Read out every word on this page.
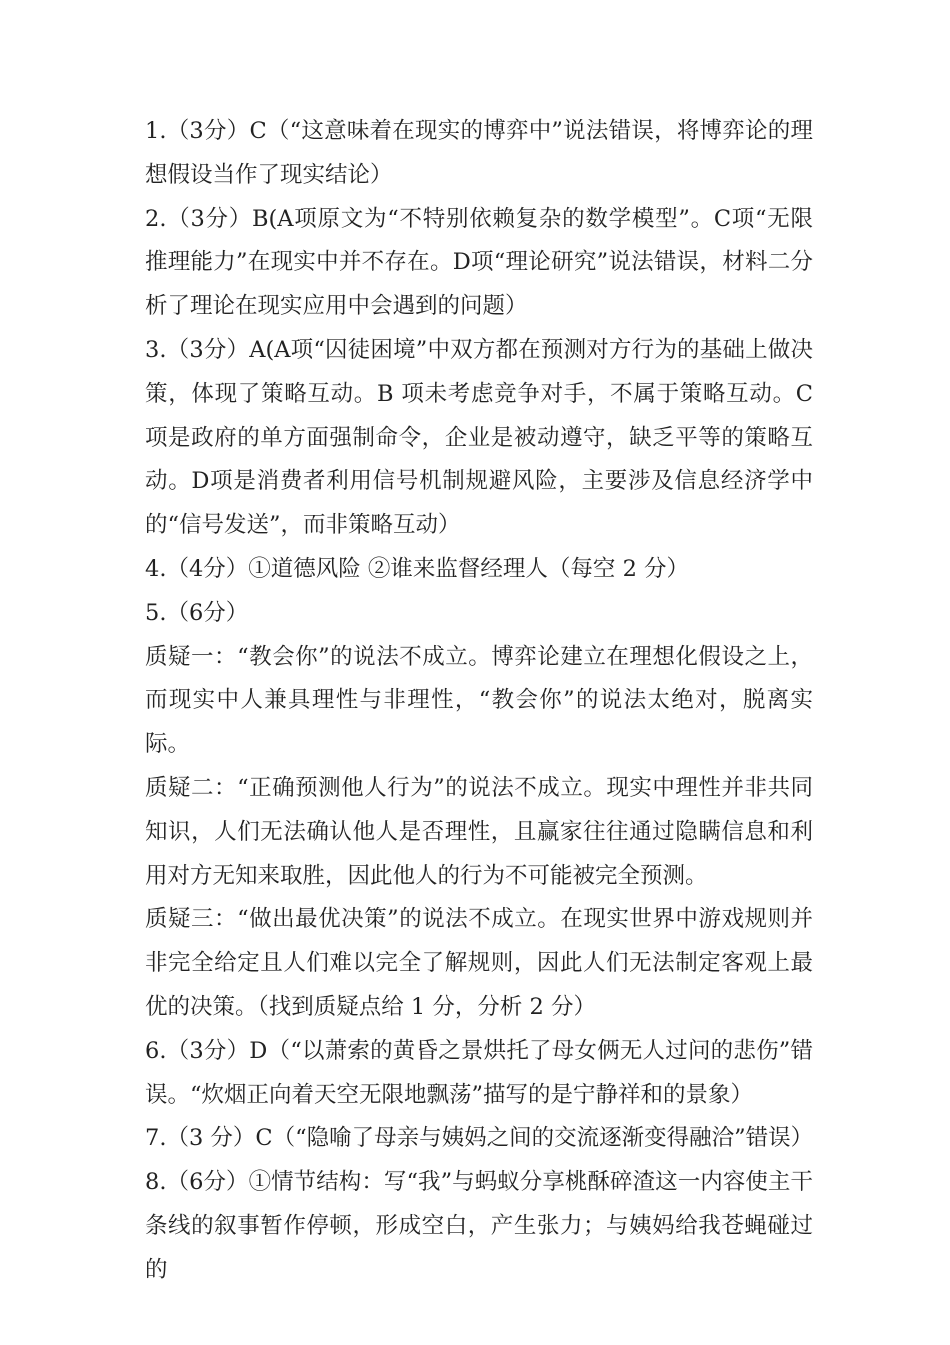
1.（3分）C（“这意味着在现实的博弈中”说法错误，将博弈论的理想假设当作了现实结论）

2.（3分）B(A项原文为“不特别依赖复杂的数学模型”。C项“无限推理能力”在现实中并不存在。D项“理论研究”说法错误，材料二分析了理论在现实应用中会遇到的问题）

3.（3分）A(A项“囚徒困境”中双方都在预测对方行为的基础上做决策，体现了策略互动。B 项未考虑竞争对手，不属于策略互动。C项是政府的单方面强制命令，企业是被动遵守，缺乏平等的策略互动。D项是消费者利用信号机制规避风险，主要涉及信息经济学中的“信号发送”，而非策略互动）

4.（4分）①道德风险 ②谁来监督经理人（每空 2 分）

5.（6分）

质疑一：“教会你”的说法不成立。博弈论建立在理想化假设之上，而现实中人兼具理性与非理性，“教会你”的说法太绝对，脱离实际。

质疑二：“正确预测他人行为”的说法不成立。现实中理性并非共同知识，人们无法确认他人是否理性，且赢家往往通过隐瞒信息和利用对方无知来取胜，因此他人的行为不可能被完全预测。

质疑三：“做出最优决策”的说法不成立。在现实世界中游戏规则并非完全给定且人们难以完全了解规则，因此人们无法制定客观上最优的决策。（找到质疑点给 1 分，分析 2 分）

6.（3分）D（“以萧索的黄昏之景烘托了母女俩无人过问的悲伤”错误。“炊烟正向着天空无限地飘荡”描写的是宁静祥和的景象）

7.（3 分）C（“隐喻了母亲与姨妈之间的交流逐渐变得融洽”错误）

8.（6分）①情节结构：写“我”与蚂蚁分享桃酥碎渣这一内容使主干条线的叙事暂作停顿，形成空白，产生张力；与姨妈给我苍蝇碰过的
